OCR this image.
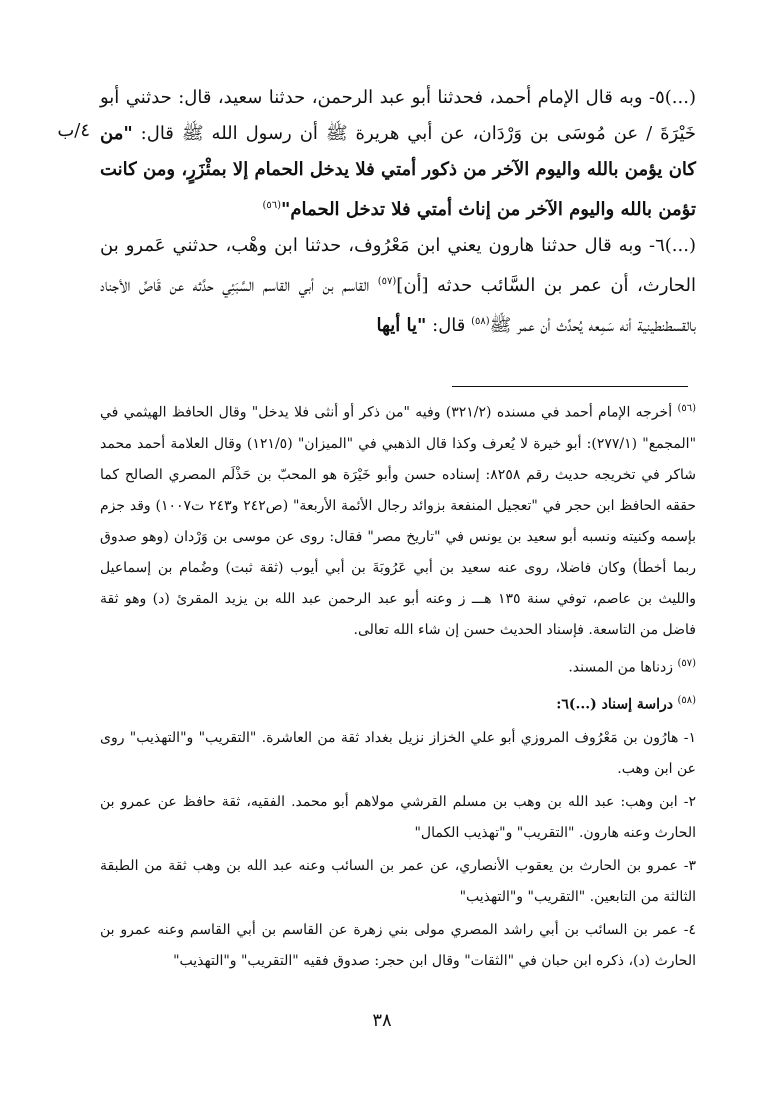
٤/ب

(...)٥- وبه قال الإمام أحمد، فحدثنا أبو عبد الرحمن، حدثنا سعيد، قال: حدثني أبو خَيْرَةَ / عن مُوسَى بن وَرْدَان، عن أبي هريرة ﷺ أن رسول الله ﷺ قال: "من كان يؤمن بالله واليوم الآخر من ذكور أمتي فلا يدخل الحمام إلا بمئْزَرٍ، ومن كانت تؤمن بالله واليوم الآخر من إناث أمتي فلا تدخل الحمام"$^{(٥٦)}$

(...)٦- وبه قال حدثنا هارون يعني ابن مَعْرُوف، حدثنا ابن وهْب، حدثني عَمرو بن الحارث، أن عمر بن السَّائب حدثه [أن]$^{(٥٧)}$ القاسم بن أبي القاسم السَّبَئِي حدَّثه عن قَاصِّ الأجناد بالقسطنطينية أنه سَمِعه يُحدِّث أن عمر ﷺ$^{(٥٨)}$ قال: "يا أيها

$^{(٥٦)}$ أخرجه الإمام أحمد في مسنده (٣٢١/٢) وفيه "من ذكر أو أنثى فلا يدخل" وقال الحافظ الهيثمي في "المجمع" (٢٧٧/١): أبو خيرة لا يُعرف وكذا قال الذهبي في "الميزان" (١٢١/٥) وقال العلامة أحمد محمد شاكر في تخريجه حديث رقم ٨٢٥٨: إسناده حسن وأبو خَيْرَة هو المحبّ بن حَذْلَم المصري الصالح كما حققه الحافظ ابن حجر في "تعجيل المنفعة بزوائد رجال الأئمة الأربعة" (ص٢٤٢ و٢٤٣ ت١٠٠٧) وقد جزم بإسمه وكنيته ونسبه أبو سعيد بن يونس في "تاريخ مصر" فقال: روى عن موسى بن وَرْدان (وهو صدوق ربما أخطأ) وكان فاضلا، روى عنه سعيد بن أبي عَرُوبَةَ بن أبي أيوب (ثقة ثبت) وضُمام بن إسماعيل والليث بن عاصم، توفي سنة ١٣٥ هـــ ز وعنه أبو عبد الرحمن عبد الله بن يزيد المقرئ (د) وهو ثقة فاضل من التاسعة. فإسناد الحديث حسن إن شاء الله تعالى.

$^{(٥٧)}$ زدناها من المسند.

$^{(٥٨)}$ دراسة إسناد (...)٦:

١- هارُون بن مَعْرُوف المروزي أبو علي الخزاز نزيل بغداد ثقة من العاشرة. "التقريب" و"التهذيب" روى عن ابن وهب.

٢- ابن وهب: عبد الله بن وهب بن مسلم القرشي مولاهم أبو محمد. الفقيه، ثقة حافظ عن عمرو بن الحارث وعنه هارون. "التقريب" و"تهذيب الكمال"

٣- عمرو بن الحارث بن يعقوب الأنصاري، عن عمر بن السائب وعنه عبد الله بن وهب ثقة من الطبقة الثالثة من التابعين. "التقريب" و"التهذيب"

٤- عمر بن السائب بن أبي راشد المصري مولى بني زهرة عن القاسم بن أبي القاسم وعنه عمرو بن الحارث (د)، ذكره ابن حبان في "الثقات" وقال ابن حجر: صدوق فقيه "التقريب" و"التهذيب"

٣٨
